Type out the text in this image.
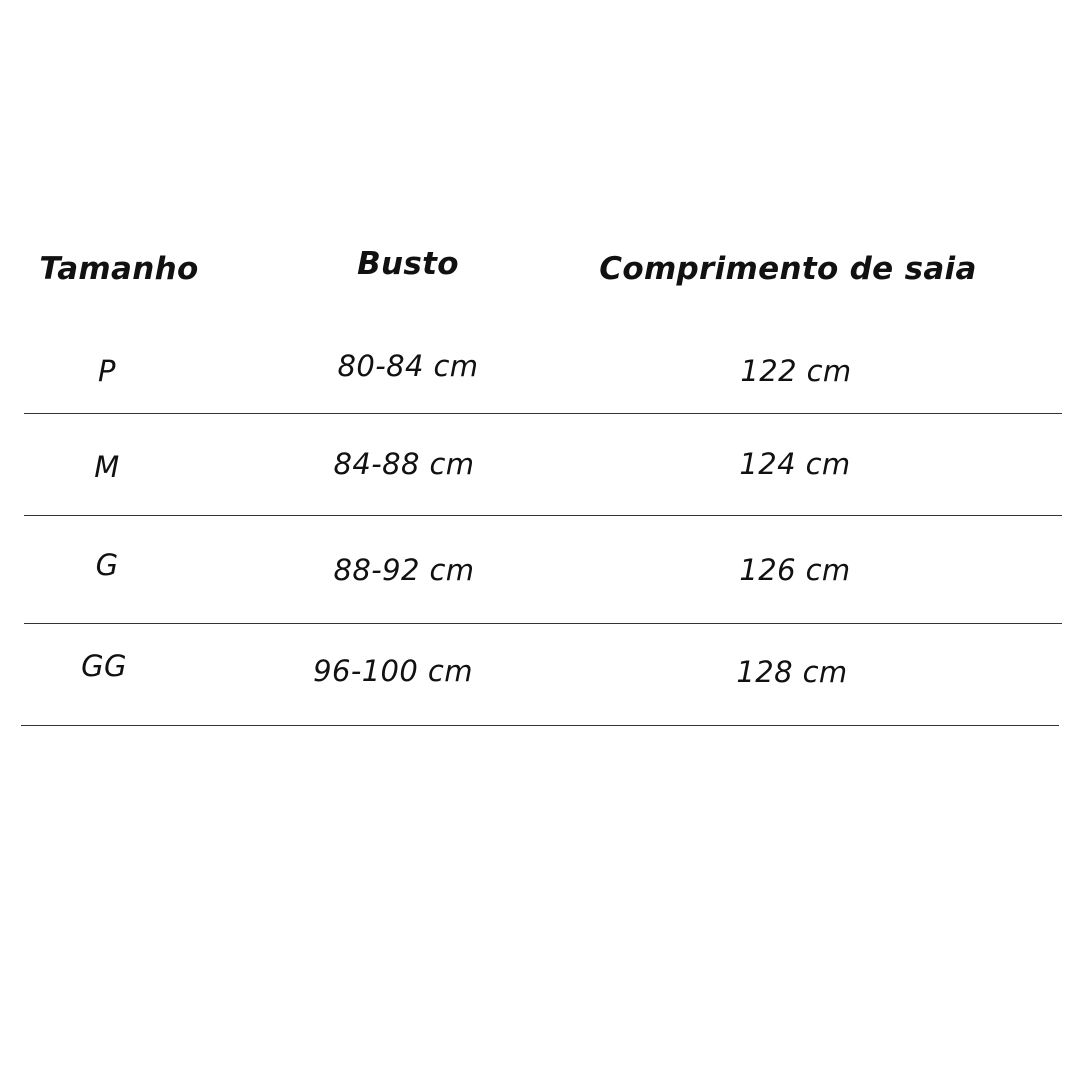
Tamanho	Busto	Comprimento de saia
P	80-84 cm	122 cm
M	84-88 cm	124 cm
G	88-92 cm	126 cm
GG	96-100 cm	128 cm
